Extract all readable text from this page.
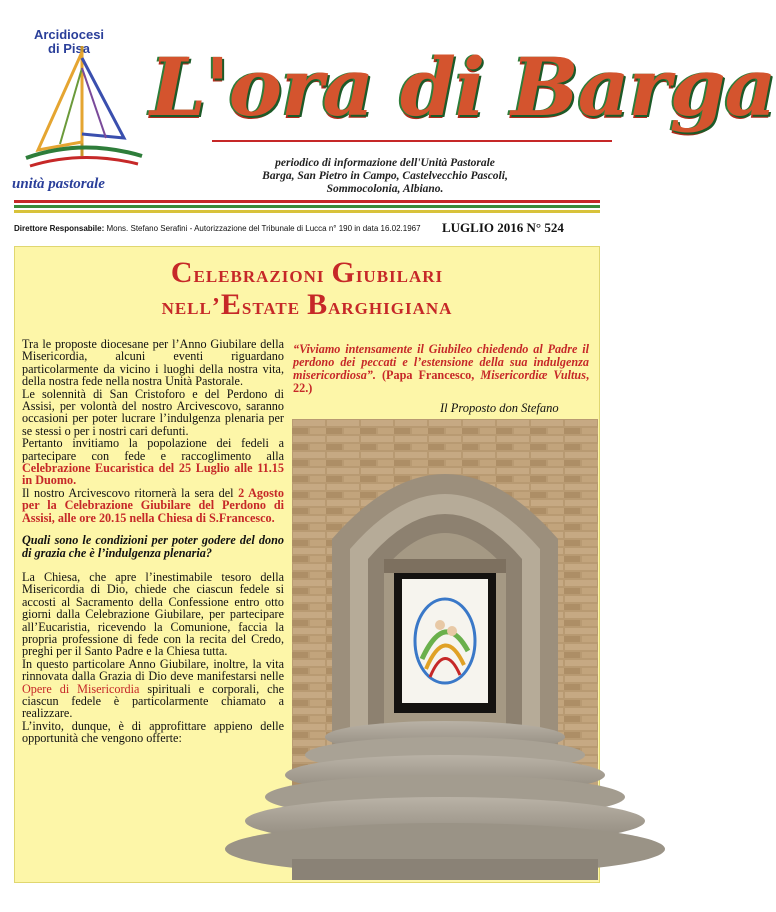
Arcidiocesi
di Pisa
unità pastorale
L'ora di Barga
periodico di informazione dell'Unità Pastorale
Barga, San Pietro in Campo, Castelvecchio Pascoli,
Sommocolonia, Albiano.
Direttore Responsabile: Mons. Stefano Serafini - Autorizzazione del Tribunale di Lucca n° 190 in data 16.02.1967 LUGLIO 2016 N° 524
Celebrazioni Giubilari
nell’Estate Barghigiana

Tra le proposte diocesane per l’Anno Giubilare della Misericordia, alcuni eventi riguardano particolarmente da vicino i luoghi della nostra vita, della nostra fede nella nostra Unità Pastorale.

Le solennità di San Cristoforo e del Perdono di Assisi, per volontà del nostro Arcivescovo, saranno occasioni per poter lucrare l’indulgenza plenaria per se stessi o per i nostri cari defunti.

Pertanto invitiamo la popolazione dei fedeli a partecipare con fede e raccoglimento alla Celebrazione Eucaristica del 25 Luglio alle 11.15 in Duomo.

Il nostro Arcivescovo ritornerà la sera del 2 Agosto per la Celebrazione Giubilare del Perdono di Assisi, alle ore 20.15 nella Chiesa di S.Francesco.

Quali sono le condizioni per poter godere del dono di grazia che è l’indulgenza plenaria?

La Chiesa, che apre l’inestimabile tesoro della Misericordia di Dio, chiede che ciascun fedele si accosti al Sacramento della Confessione entro otto giorni dalla Celebrazione Giubilare, per partecipare all’Eucaristia, ricevendo la Comunione, faccia la propria professione di fede con la recita del Credo, preghi per il Santo Padre e la Chiesa tutta.

In questo particolare Anno Giubilare, inoltre, la vita rinnovata dalla Grazia di Dio deve manifestarsi nelle Opere di Misericordia spirituali e corporali, che ciascun fedele è particolarmente chiamato a realizzare.

L’invito, dunque, è di approfittare appieno delle opportunità che vengono offerte:

“Viviamo intensamente il Giubileo chiedendo al Padre il perdono dei peccati e l’estensione della sua indulgenza misericordiosa”. (Papa Francesco, Misericordiæ Vultus, 22.)
Il Proposto don Stefano
